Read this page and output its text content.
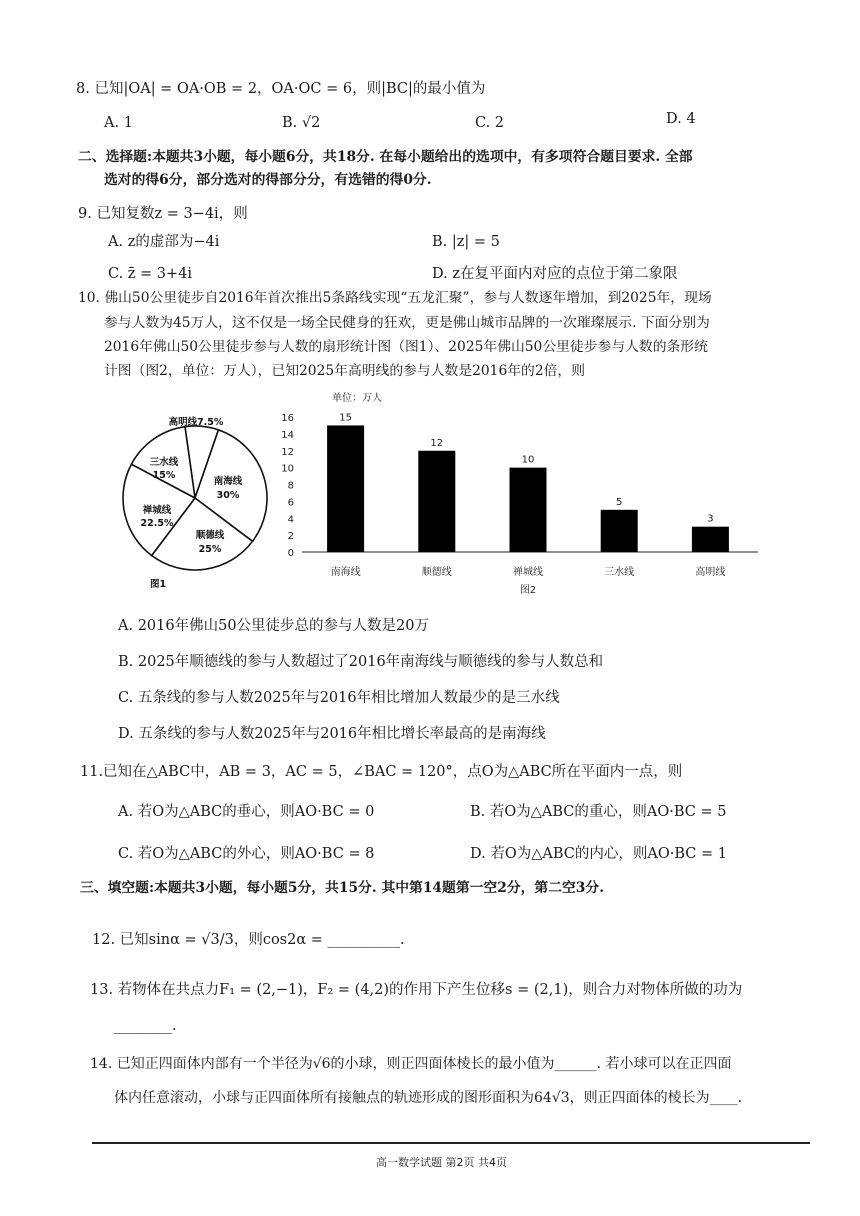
8. 已知|OA| = OA·OB = 2，OA·OC = 6，则|BC|的最小值为
A. 1	B. √2	C. 2	D. 4
二、选择题:本题共3小题，每小题6分，共18分. 在每小题给出的选项中，有多项符合题目要求. 全部
选对的得6分，部分选对的得部分分，有选错的得0分.
9. 已知复数z = 3−4i，则
A. z的虚部为−4i	B. |z| = 5
C. z̄ = 3+4i	D. z在复平面内对应的点位于第二象限
10. 佛山50公里徒步自2016年首次推出5条路线实现“五龙汇聚”，参与人数逐年增加，到2025年，现场
参与人数为45万人，这不仅是一场全民健身的狂欢，更是佛山城市品牌的一次璀璨展示. 下面分别为
2016年佛山50公里徒步参与人数的扇形统计图（图1）、2025年佛山50公里徒步参与人数的条形统
计图（图2，单位：万人），已知2025年高明线的参与人数是2016年的2倍，则
高明线7.5%
三水线
15%
南海线
30%
禅城线
22.5%
顺德线
25%
图1
单位：万人
0
2
4
6
8
10
12
14
16	15
12
10
5
3
南海线	顺德线	禅城线	三水线	高明线
图2
A. 2016年佛山50公里徒步总的参与人数是20万
B. 2025年顺德线的参与人数超过了2016年南海线与顺德线的参与人数总和
C. 五条线的参与人数2025年与2016年相比增加人数最少的是三水线
D. 五条线的参与人数2025年与2016年相比增长率最高的是南海线
11.已知在△ABC中，AB = 3，AC = 5，∠BAC = 120°，点O为△ABC所在平面内一点，则
A. 若O为△ABC的垂心，则AO·BC = 0	B. 若O为△ABC的重心，则AO·BC = 5
C. 若O为△ABC的外心，则AO·BC = 8	D. 若O为△ABC的内心，则AO·BC = 1
三、填空题:本题共3小题，每小题5分，共15分. 其中第14题第一空2分，第二空3分.
12. 已知sinα = √3/3，则cos2α = __________.
13. 若物体在共点力F₁ = (2,−1)，F₂ = (4,2)的作用下产生位移s = (2,1)，则合力对物体所做的功为
________.
14. 已知正四面体内部有一个半径为√6的小球，则正四面体棱长的最小值为______. 若小球可以在正四面
体内任意滚动，小球与正四面体所有接触点的轨迹形成的图形面积为64√3，则正四面体的棱长为____.
高一数学试题 第2页 共4页
